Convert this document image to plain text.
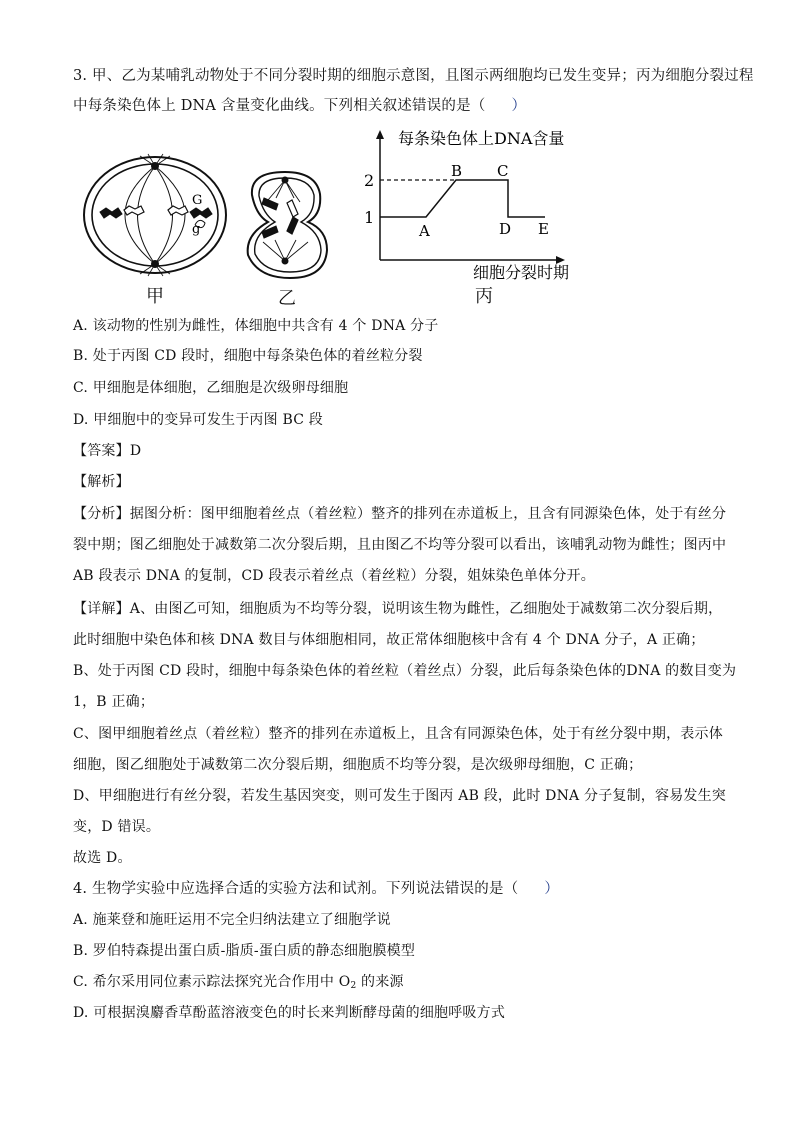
3. 甲、乙为某哺乳动物处于不同分裂时期的细胞示意图，且图示两细胞均已发生变异；丙为细胞分裂过程
中每条染色体上 DNA 含量变化曲线。下列相关叙述错误的是（ ）
G
g
每条染色体上DNA含量
细胞分裂时期
2
1
A
B C
D E
甲	乙	丙
A. 该动物的性别为雌性，体细胞中共含有 4 个 DNA 分子
B. 处于丙图 CD 段时，细胞中每条染色体的着丝粒分裂
C. 甲细胞是体细胞，乙细胞是次级卵母细胞
D. 甲细胞中的变异可发生于丙图 BC 段
【答案】D
【解析】
【分析】据图分析：图甲细胞着丝点（着丝粒）整齐的排列在赤道板上，且含有同源染色体，处于有丝分
裂中期；图乙细胞处于减数第二次分裂后期，且由图乙不均等分裂可以看出，该哺乳动物为雌性；图丙中
AB 段表示 DNA 的复制，CD 段表示着丝点（着丝粒）分裂，姐妹染色单体分开。
【详解】A、由图乙可知，细胞质为不均等分裂，说明该生物为雌性，乙细胞处于减数第二次分裂后期，
此时细胞中染色体和核 DNA 数目与体细胞相同，故正常体细胞核中含有 4 个 DNA 分子，A 正确；
B、处于丙图 CD 段时，细胞中每条染色体的着丝粒（着丝点）分裂，此后每条染色体的DNA 的数目变为
1，B 正确；
C、图甲细胞着丝点（着丝粒）整齐的排列在赤道板上，且含有同源染色体，处于有丝分裂中期，表示体
细胞，图乙细胞处于减数第二次分裂后期，细胞质不均等分裂，是次级卵母细胞，C 正确；
D、甲细胞进行有丝分裂，若发生基因突变，则可发生于图丙 AB 段，此时 DNA 分子复制，容易发生突
变，D 错误。
故选 D。
4. 生物学实验中应选择合适的实验方法和试剂。下列说法错误的是（ ）
A. 施莱登和施旺运用不完全归纳法建立了细胞学说
B. 罗伯特森提出蛋白质-脂质-蛋白质的静态细胞膜模型
C. 希尔采用同位素示踪法探究光合作用中 $O_2$ 的来源
D. 可根据溴麝香草酚蓝溶液变色的时长来判断酵母菌的细胞呼吸方式
